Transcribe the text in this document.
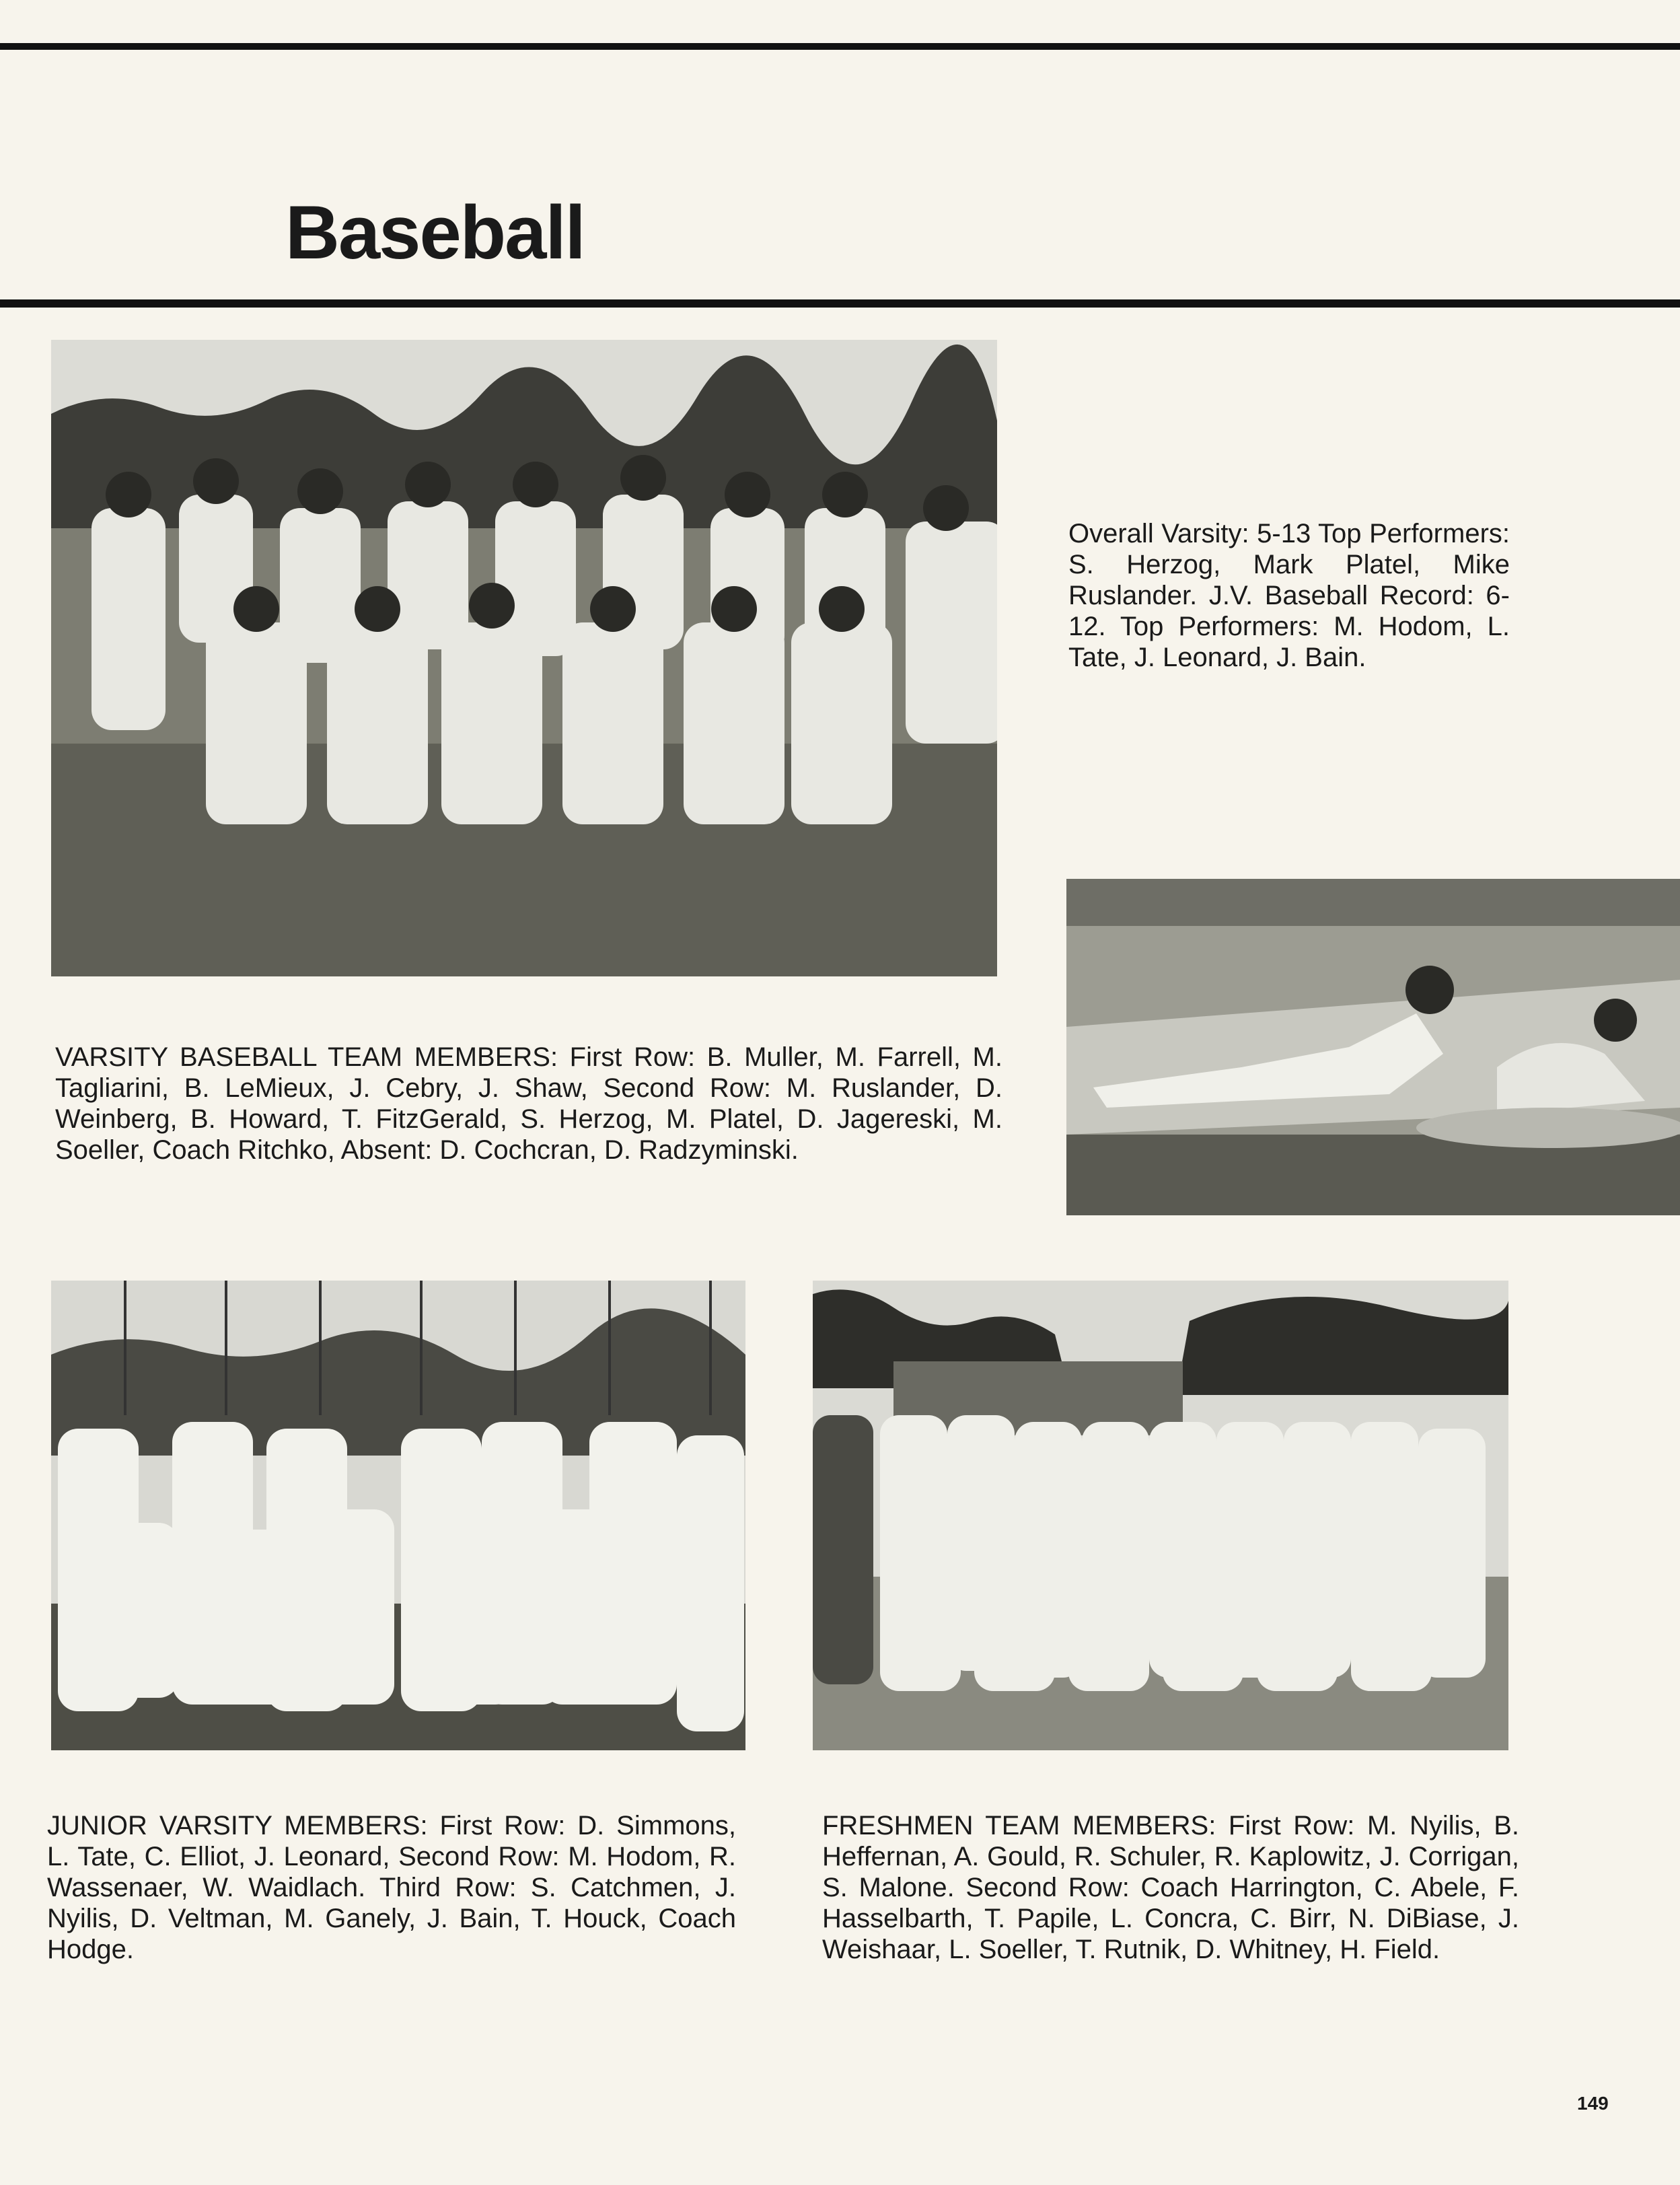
Baseball
Overall Varsity: 5-13 Top Performers: S. Herzog, Mark Platel, Mike Ruslander. J.V. Baseball Record: 6-12. Top Performers: M. Hodom, L. Tate, J. Leonard, J. Bain.
VARSITY BASEBALL TEAM MEMBERS: First Row: B. Muller, M. Farrell, M. Tagliarini, B. LeMieux, J. Cebry, J. Shaw, Second Row: M. Ruslander, D. Weinberg, B. Howard, T. FitzGerald, S. Herzog, M. Platel, D. Jagereski, M. Soeller, Coach Ritchko, Absent: D. Cochcran, D. Radzyminski.
JUNIOR VARSITY MEMBERS: First Row: D. Simmons, L. Tate, C. Elliot, J. Leonard, Second Row: M. Hodom, R. Wassenaer, W. Waidlach. Third Row: S. Catchmen, J. Nyilis, D. Veltman, M. Ganely, J. Bain, T. Houck, Coach Hodge.
FRESHMEN TEAM MEMBERS: First Row: M. Nyilis, B. Heffernan, A. Gould, R. Schuler, R. Kaplowitz, J. Corrigan, S. Malone. Second Row: Coach Harrington, C. Abele, F. Hasselbarth, T. Papile, L. Concra, C. Birr, N. DiBiase, J. Weishaar, L. Soeller, T. Rutnik, D. Whitney, H. Field.
149
